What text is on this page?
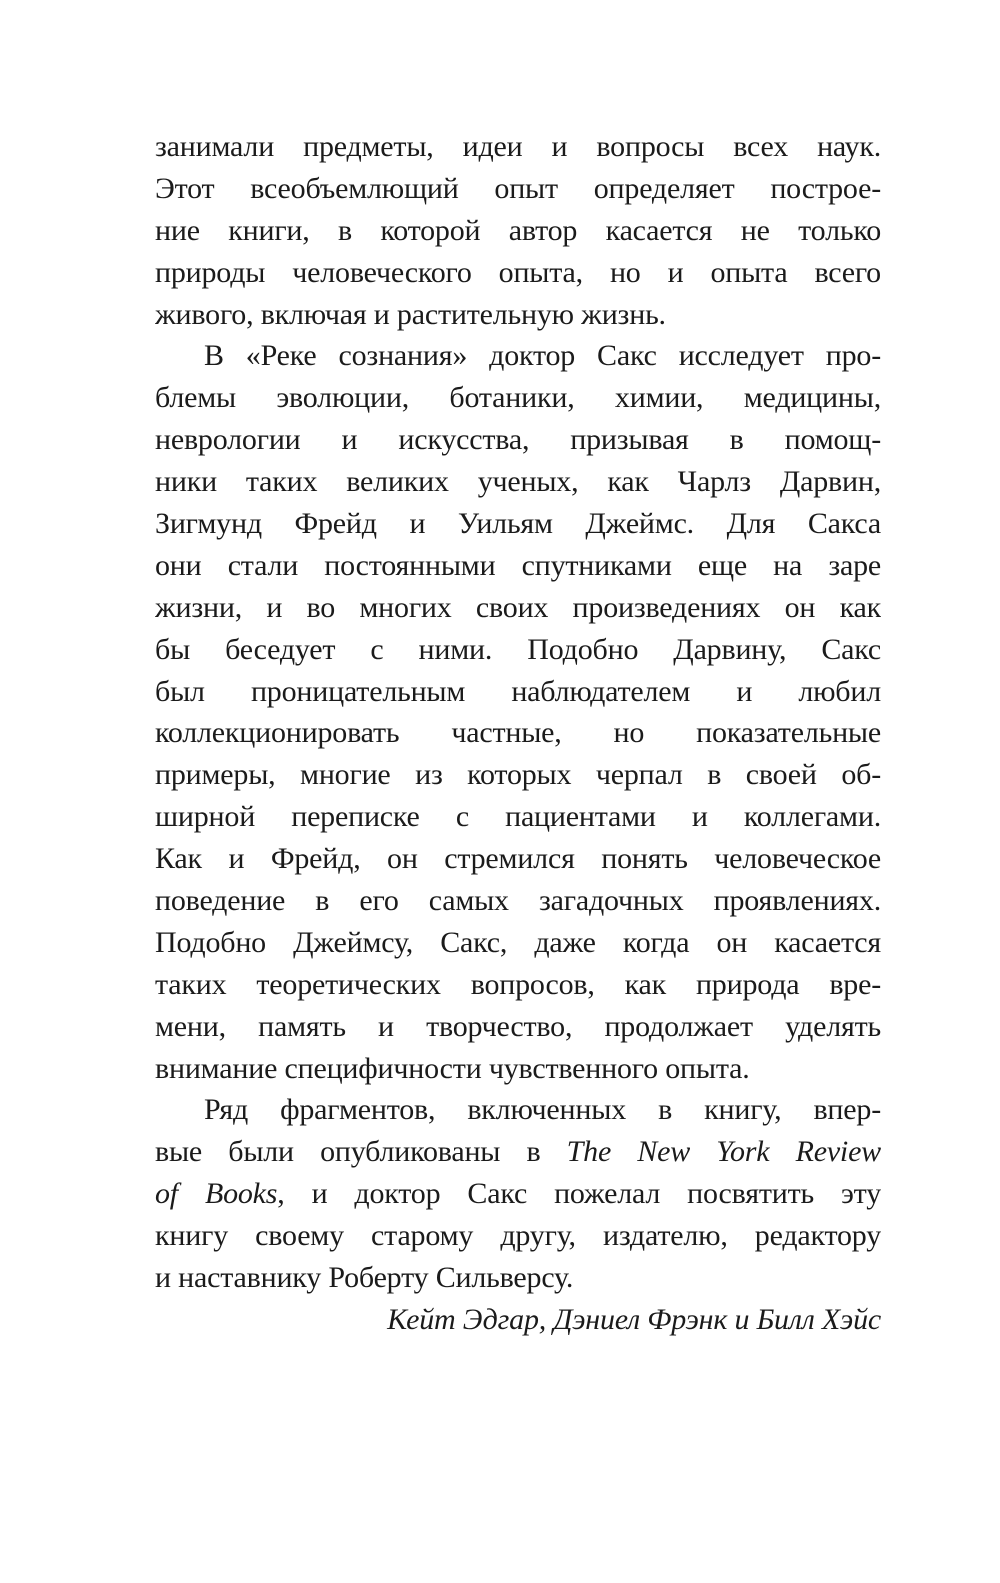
занимали предметы, идеи и вопросы всех наук.
Этот всеобъемлющий опыт определяет построе-
ние книги, в которой автор касается не только
природы человеческого опыта, но и опыта всего
живого, включая и растительную жизнь.
В «Реке сознания» доктор Сакс исследует про-
блемы эволюции, ботаники, химии, медицины,
неврологии и искусства, призывая в помощ-
ники таких великих ученых, как Чарлз Дарвин,
Зигмунд Фрейд и Уильям Джеймс. Для Сакса
они стали постоянными спутниками еще на заре
жизни, и во многих своих произведениях он как
бы беседует с ними. Подобно Дарвину, Сакс
был проницательным наблюдателем и любил
коллекционировать частные, но показательные
примеры, многие из которых черпал в своей об-
ширной переписке с пациентами и коллегами.
Как и Фрейд, он стремился понять человеческое
поведение в его самых загадочных проявлениях.
Подобно Джеймсу, Сакс, даже когда он касается
таких теоретических вопросов, как природа вре-
мени, память и творчество, продолжает уделять
внимание специфичности чувственного опыта.
Ряд фрагментов, включенных в книгу, впер-
вые были опубликованы в The New York Review
of Books, и доктор Сакс пожелал посвятить эту
книгу своему старому другу, издателю, редактору
и наставнику Роберту Сильверсу.
Кейт Эдгар, Дэниел Фрэнк и Билл Хэйс
